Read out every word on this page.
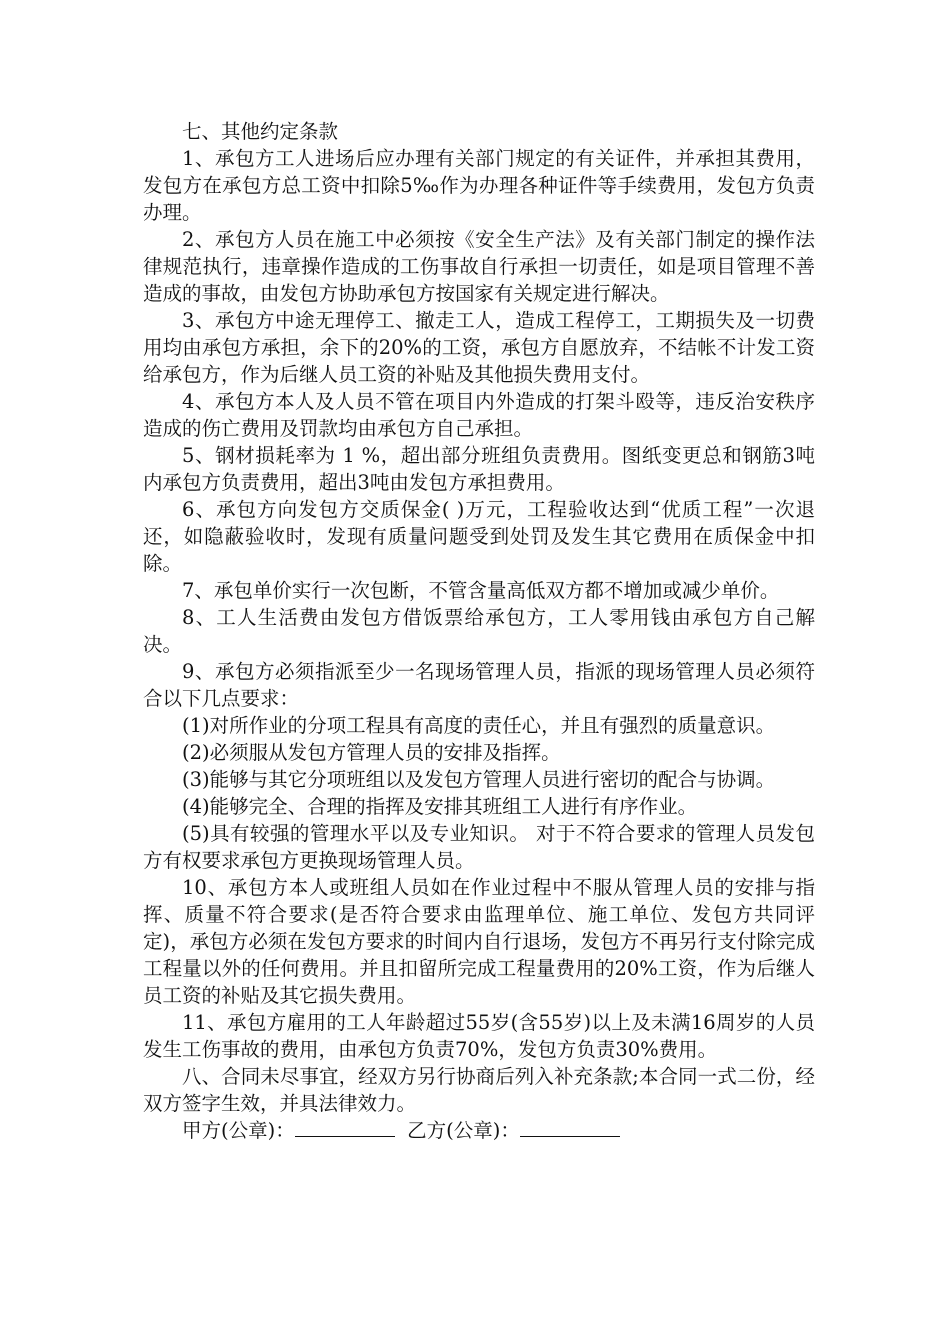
七、其他约定条款

1、承包方工人进场后应办理有关部门规定的有关证件，并承担其费用，发包方在承包方总工资中扣除5‰作为办理各种证件等手续费用，发包方负责办理。

2、承包方人员在施工中必须按《安全生产法》及有关部门制定的操作法律规范执行，违章操作造成的工伤事故自行承担一切责任，如是项目管理不善造成的事故，由发包方协助承包方按国家有关规定进行解决。

3、承包方中途无理停工、撤走工人，造成工程停工，工期损失及一切费用均由承包方承担，余下的20%的工资，承包方自愿放弃，不结帐不计发工资给承包方，作为后继人员工资的补贴及其他损失费用支付。

4、承包方本人及人员不管在项目内外造成的打架斗殴等，违反治安秩序造成的伤亡费用及罚款均由承包方自己承担。

5、钢材损耗率为 1 %，超出部分班组负责费用。图纸变更总和钢筋3吨内承包方负责费用，超出3吨由发包方承担费用。

6、承包方向发包方交质保金( )万元，工程验收达到“优质工程”一次退还，如隐蔽验收时，发现有质量问题受到处罚及发生其它费用在质保金中扣除。

7、承包单价实行一次包断，不管含量高低双方都不增加或减少单价。

8、工人生活费由发包方借饭票给承包方，工人零用钱由承包方自己解决。

9、承包方必须指派至少一名现场管理人员，指派的现场管理人员必须符合以下几点要求：

(1)对所作业的分项工程具有高度的责任心，并且有强烈的质量意识。

(2)必须服从发包方管理人员的安排及指挥。

(3)能够与其它分项班组以及发包方管理人员进行密切的配合与协调。

(4)能够完全、合理的指挥及安排其班组工人进行有序作业。

(5)具有较强的管理水平以及专业知识。 对于不符合要求的管理人员发包方有权要求承包方更换现场管理人员。

10、承包方本人或班组人员如在作业过程中不服从管理人员的安排与指挥、质量不符合要求(是否符合要求由监理单位、施工单位、发包方共同评定)，承包方必须在发包方要求的时间内自行退场，发包方不再另行支付除完成工程量以外的任何费用。并且扣留所完成工程量费用的20%工资，作为后继人员工资的补贴及其它损失费用。

11、承包方雇用的工人年龄超过55岁(含55岁)以上及未满16周岁的人员发生工伤事故的费用，由承包方负责70%，发包方负责30%费用。

八、合同未尽事宜，经双方另行协商后列入补充条款;本合同一式二份，经双方签字生效，并具法律效力。

甲方(公章)：	乙方(公章)：
